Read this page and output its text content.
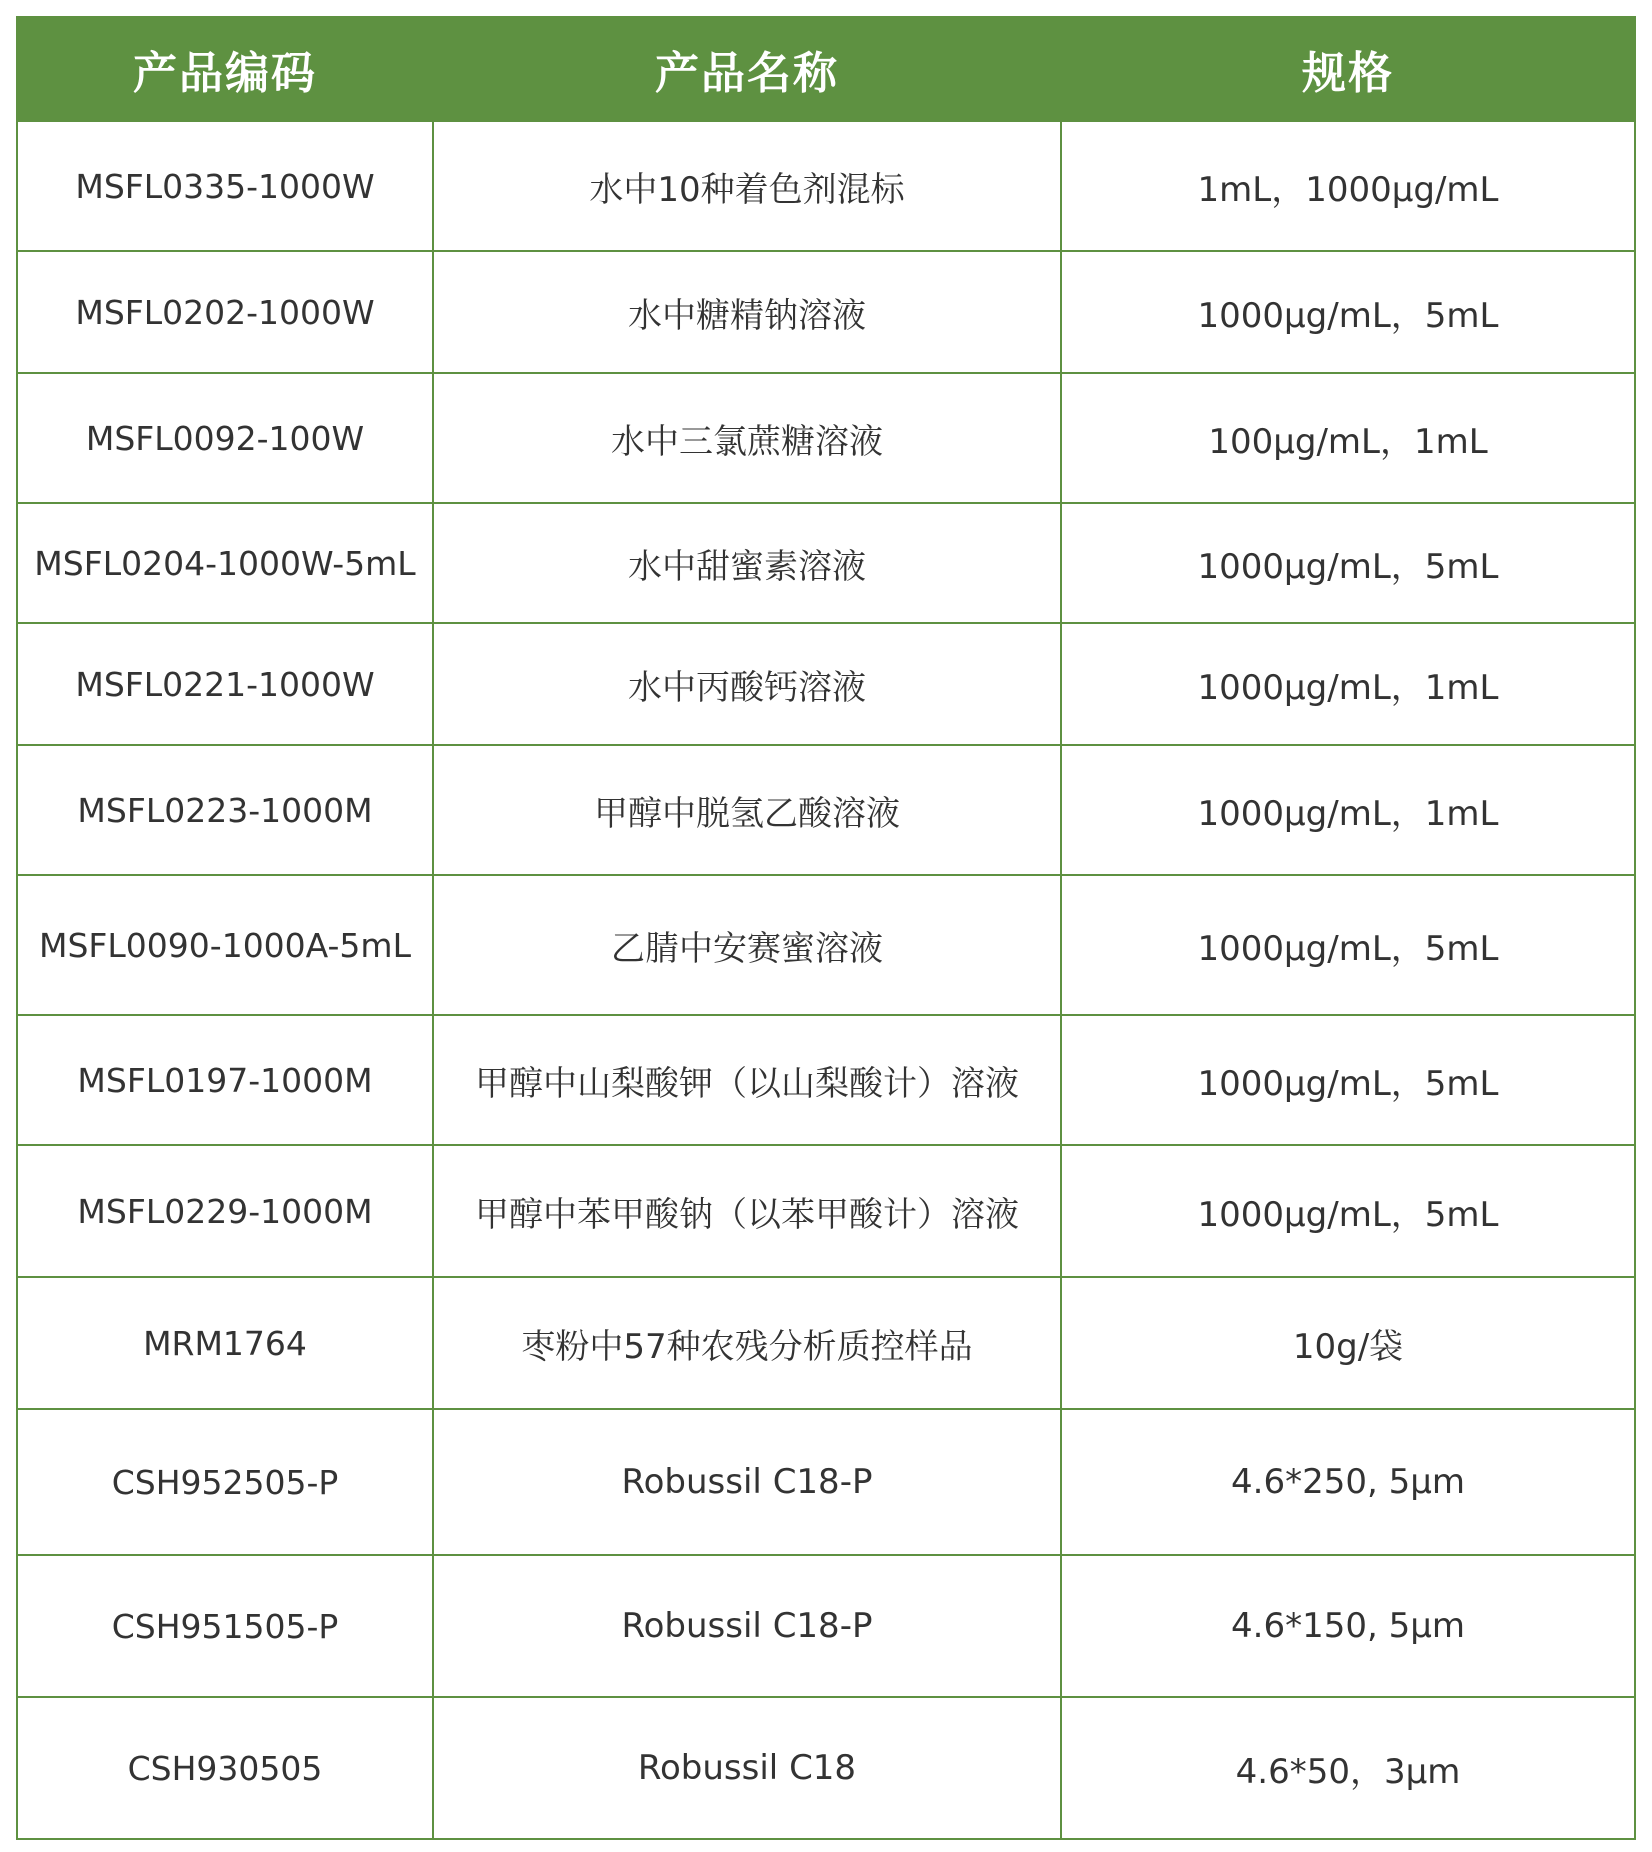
产品编码	产品名称	规格
MSFL0335-1000W	水中10种着色剂混标	1mL，1000μg/mL
MSFL0202-1000W	水中糖精钠溶液	1000μg/mL，5mL
MSFL0092-100W	水中三氯蔗糖溶液	100μg/mL，1mL
MSFL0204-1000W-5mL	水中甜蜜素溶液	1000μg/mL，5mL
MSFL0221-1000W	水中丙酸钙溶液	1000μg/mL，1mL
MSFL0223-1000M	甲醇中脱氢乙酸溶液	1000μg/mL，1mL
MSFL0090-1000A-5mL	乙腈中安赛蜜溶液	1000μg/mL，5mL
MSFL0197-1000M	甲醇中山梨酸钾（以山梨酸计）溶液	1000μg/mL，5mL
MSFL0229-1000M	甲醇中苯甲酸钠（以苯甲酸计）溶液	1000μg/mL，5mL
MRM1764	枣粉中57种农残分析质控样品	10g/袋
CSH952505-P	Robussil C18-P	4.6*250, 5μm
CSH951505-P	Robussil C18-P	4.6*150, 5μm
CSH930505	Robussil C18	4.6*50，3μm
